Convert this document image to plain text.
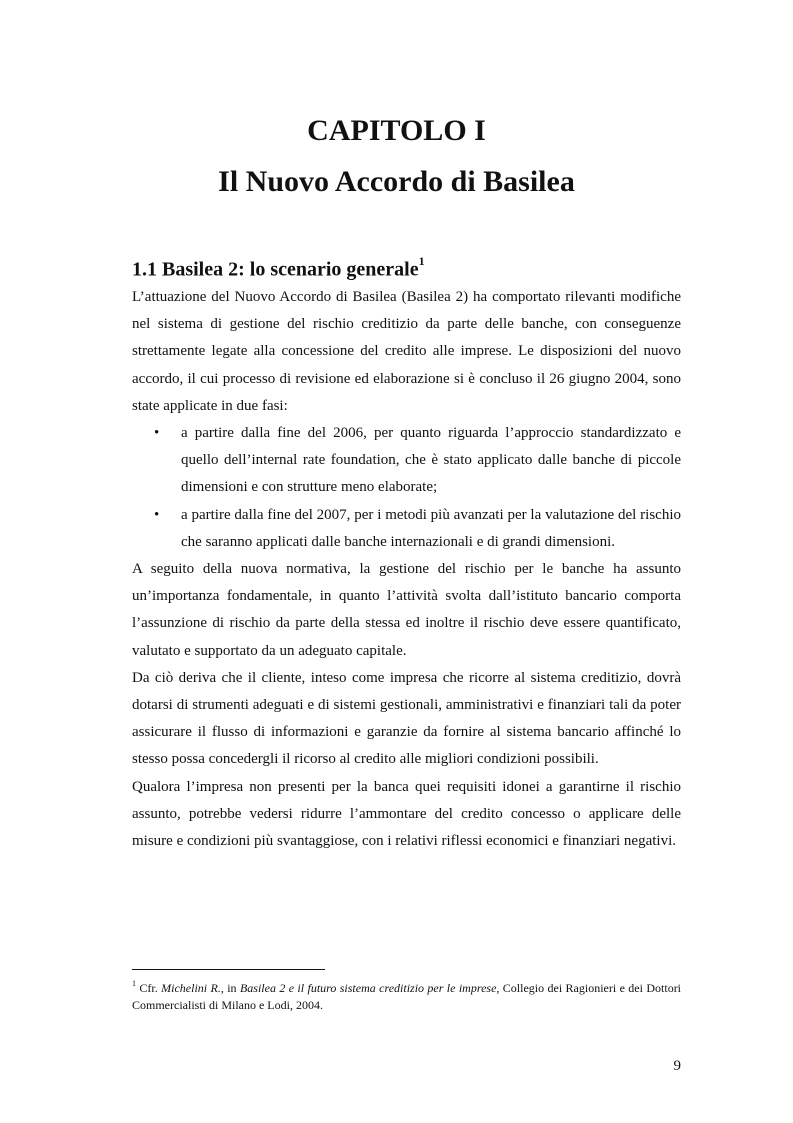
CAPITOLO I
Il Nuovo Accordo di Basilea
1.1 Basilea 2: lo scenario generale$^1$

L’attuazione del Nuovo Accordo di Basilea (Basilea 2) ha comportato rilevanti modifiche nel sistema di gestione del rischio creditizio da parte delle banche, con conseguenze strettamente legate alla concessione del credito alle imprese. Le disposizioni del nuovo accordo, il cui processo di revisione ed elaborazione si è concluso il 26 giugno 2004, sono state applicate in due fasi:

• a partire dalla fine del 2006, per quanto riguarda l’approccio standardizzato e quello dell’internal rate foundation, che è stato applicato dalle banche di piccole dimensioni e con strutture meno elaborate;
• a partire dalla fine del 2007, per i metodi più avanzati per la valutazione del rischio che saranno applicati dalle banche internazionali e di grandi dimensioni.

A seguito della nuova normativa, la gestione del rischio per le banche ha assunto un’importanza fondamentale, in quanto l’attività svolta dall’istituto bancario comporta l’assunzione di rischio da parte della stessa ed inoltre il rischio deve essere quantificato, valutato e supportato da un adeguato capitale.

Da ciò deriva che il cliente, inteso come impresa che ricorre al sistema creditizio, dovrà dotarsi di strumenti adeguati e di sistemi gestionali, amministrativi e finanziari tali da poter assicurare il flusso di informazioni e garanzie da fornire al sistema bancario affinché lo stesso possa concedergli il ricorso al credito alle migliori condizioni possibili.

Qualora l’impresa non presenti per la banca quei requisiti idonei a garantirne il rischio assunto, potrebbe vedersi ridurre l’ammontare del credito concesso o applicare delle misure e condizioni più svantaggiose, con i relativi riflessi economici e finanziari negativi.

$^1$ Cfr. Michelini R., in Basilea 2 e il futuro sistema creditizio per le imprese, Collegio dei Ragionieri e dei Dottori Commercialisti di Milano e Lodi, 2004.
9
